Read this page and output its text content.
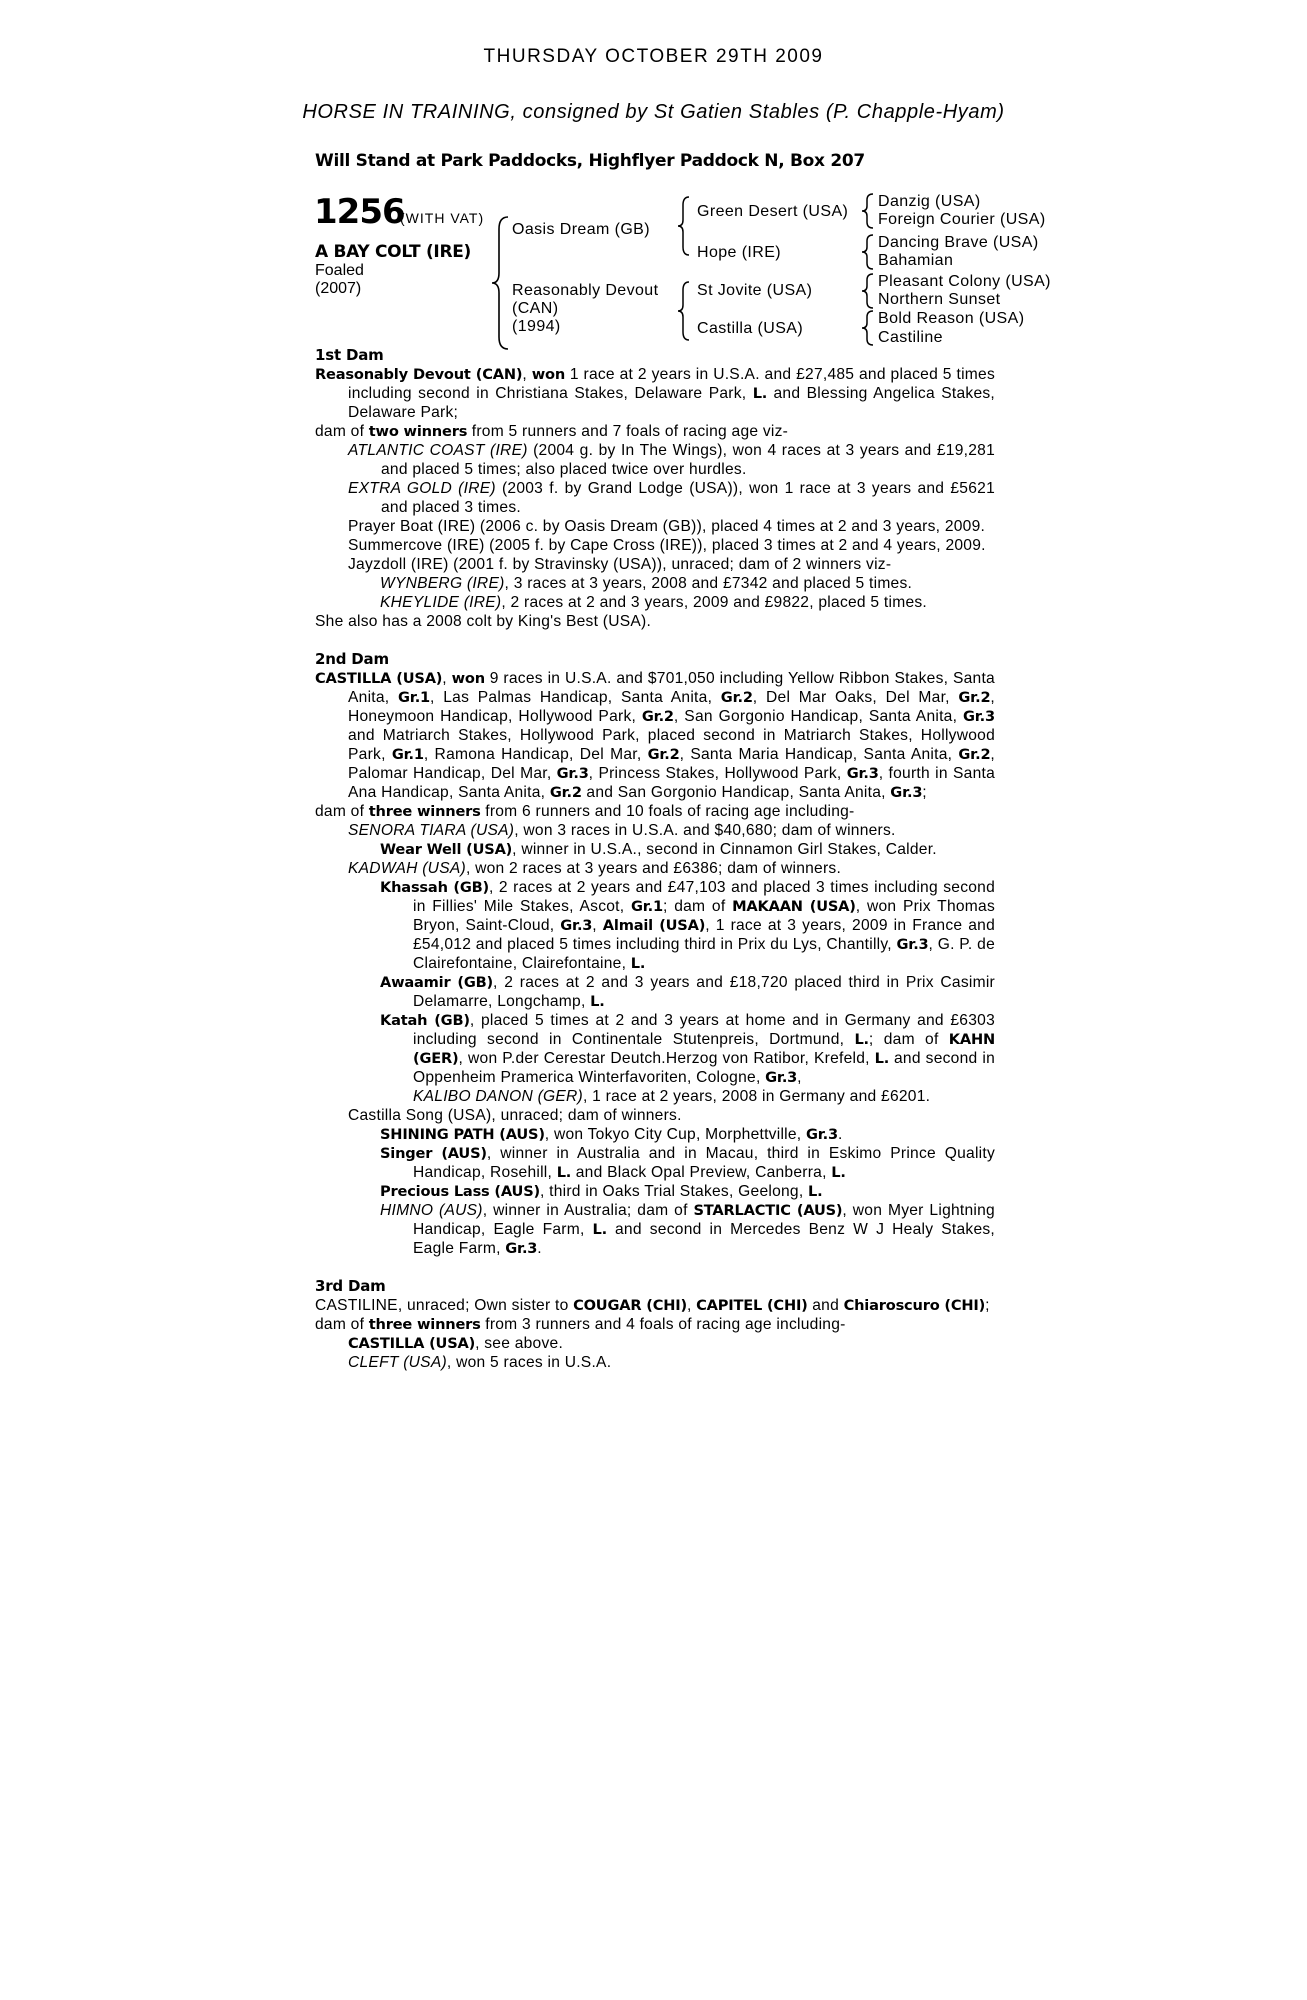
THURSDAY OCTOBER 29TH 2009
HORSE IN TRAINING, consigned by St Gatien Stables (P. Chapple-Hyam)
Will Stand at Park Paddocks, Highflyer Paddock N, Box 207
1256
(WITH VAT)
A BAY COLT (IRE)
Foaled
(2007)
Oasis Dream (GB)
Reasonably Devout
(CAN)
(1994)
Green Desert (USA)
Hope (IRE)
St Jovite (USA)
Castilla (USA)
Danzig (USA)
Foreign Courier (USA)
Dancing Brave (USA)
Bahamian
Pleasant Colony (USA)
Northern Sunset
Bold Reason (USA)
Castiline

1st Dam

Reasonably Devout (CAN), won 1 race at 2 years in U.S.A. and £27,485 and placed 5 times including second in Christiana Stakes, Delaware Park, L. and Blessing Angelica Stakes, Delaware Park;

dam of two winners from 5 runners and 7 foals of racing age viz-

ATLANTIC COAST (IRE) (2004 g. by In The Wings), won 4 races at 3 years and £19,281 and placed 5 times; also placed twice over hurdles.

EXTRA GOLD (IRE) (2003 f. by Grand Lodge (USA)), won 1 race at 3 years and £5621 and placed 3 times.

Prayer Boat (IRE) (2006 c. by Oasis Dream (GB)), placed 4 times at 2 and 3 years, 2009.

Summercove (IRE) (2005 f. by Cape Cross (IRE)), placed 3 times at 2 and 4 years, 2009.

Jayzdoll (IRE) (2001 f. by Stravinsky (USA)), unraced; dam of 2 winners viz-

WYNBERG (IRE), 3 races at 3 years, 2008 and £7342 and placed 5 times.

KHEYLIDE (IRE), 2 races at 2 and 3 years, 2009 and £9822, placed 5 times.

She also has a 2008 colt by King's Best (USA).

2nd Dam

CASTILLA (USA), won 9 races in U.S.A. and $701,050 including Yellow Ribbon Stakes, Santa Anita, Gr.1, Las Palmas Handicap, Santa Anita, Gr.2, Del Mar Oaks, Del Mar, Gr.2, Honeymoon Handicap, Hollywood Park, Gr.2, San Gorgonio Handicap, Santa Anita, Gr.3 and Matriarch Stakes, Hollywood Park, placed second in Matriarch Stakes, Hollywood Park, Gr.1, Ramona Handicap, Del Mar, Gr.2, Santa Maria Handicap, Santa Anita, Gr.2, Palomar Handicap, Del Mar, Gr.3, Princess Stakes, Hollywood Park, Gr.3, fourth in Santa Ana Handicap, Santa Anita, Gr.2 and San Gorgonio Handicap, Santa Anita, Gr.3;

dam of three winners from 6 runners and 10 foals of racing age including-

SENORA TIARA (USA), won 3 races in U.S.A. and $40,680; dam of winners.

Wear Well (USA), winner in U.S.A., second in Cinnamon Girl Stakes, Calder.

KADWAH (USA), won 2 races at 3 years and £6386; dam of winners.

Khassah (GB), 2 races at 2 years and £47,103 and placed 3 times including second in Fillies' Mile Stakes, Ascot, Gr.1; dam of MAKAAN (USA), won Prix Thomas Bryon, Saint-Cloud, Gr.3, Almail (USA), 1 race at 3 years, 2009 in France and £54,012 and placed 5 times including third in Prix du Lys, Chantilly, Gr.3, G. P. de Clairefontaine, Clairefontaine, L.

Awaamir (GB), 2 races at 2 and 3 years and £18,720 placed third in Prix Casimir Delamarre, Longchamp, L.

Katah (GB), placed 5 times at 2 and 3 years at home and in Germany and £6303 including second in Continentale Stutenpreis, Dortmund, L.; dam of KAHN (GER), won P.der Cerestar Deutch.Herzog von Ratibor, Krefeld, L. and second in Oppenheim Pramerica Winterfavoriten, Cologne, Gr.3,

KALIBO DANON (GER), 1 race at 2 years, 2008 in Germany and £6201.

Castilla Song (USA), unraced; dam of winners.

SHINING PATH (AUS), won Tokyo City Cup, Morphettville, Gr.3.

Singer (AUS), winner in Australia and in Macau, third in Eskimo Prince Quality Handicap, Rosehill, L. and Black Opal Preview, Canberra, L.

Precious Lass (AUS), third in Oaks Trial Stakes, Geelong, L.

HIMNO (AUS), winner in Australia; dam of STARLACTIC (AUS), won Myer Lightning Handicap, Eagle Farm, L. and second in Mercedes Benz W J Healy Stakes, Eagle Farm, Gr.3.

3rd Dam

CASTILINE, unraced; Own sister to COUGAR (CHI), CAPITEL (CHI) and Chiaroscuro (CHI);

dam of three winners from 3 runners and 4 foals of racing age including-

CASTILLA (USA), see above.

CLEFT (USA), won 5 races in U.S.A.
